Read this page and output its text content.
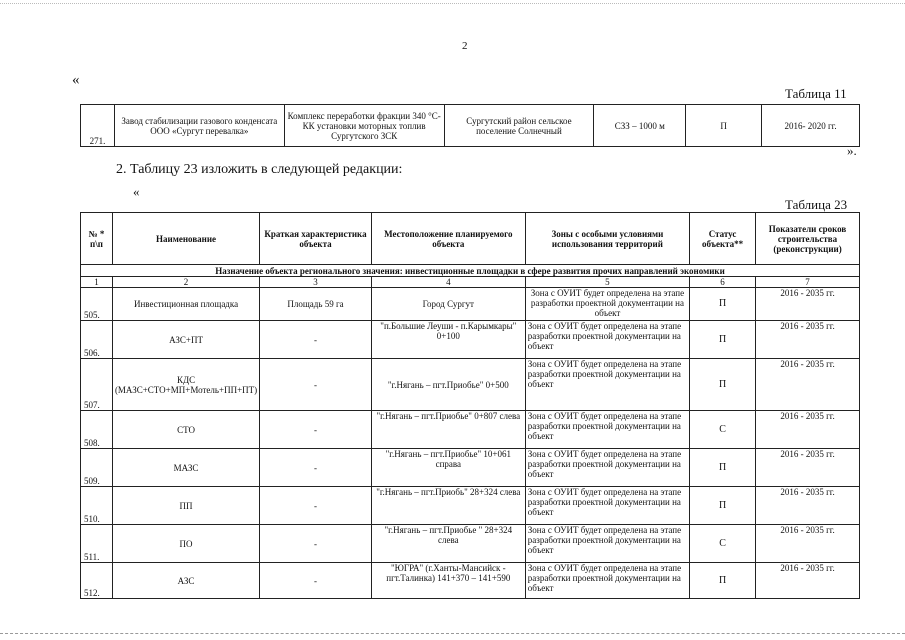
2
«
Таблица 11
271.	Завод стабилизации газового конденсата ООО «Сургут перевалка»	Комплекс переработки фракции 340 °С-КК установки моторных топлив Сургутского ЗСК	Сургутский район сельское поселение Солнечный	СЗЗ – 1000 м	П	2016- 2020 гг.
».
2. Таблицу 23 изложить в следующей редакции:
«
Таблица 23
№ * п\п	Наименование	Краткая характеристика объекта	Местоположение планируемого объекта	Зоны с особыми условиями использования территорий	Статус объекта**	Показатели сроков строительства (реконструкции)
Назначение объекта регионального значения: инвестиционные площадки в сфере развития прочих направлений экономики						
1	2	3	4	5	6	7
505.	Инвестиционная площадка	Площадь 59 га	Город Сургут	Зона с ОУИТ будет определена на этапе разработки проектной документации на объект	П	2016 - 2035 гг.
506.	АЗС+ПТ	-	"п.Большие Леуши - п.Карымкары" 0+100	Зона с ОУИТ будет определена на этапе разработки проектной документации на объект	П	2016 - 2035 гг.
507.	КДС (МАЗС+СТО+МП+Мотель+ПП+ПТ)	-	"г.Нягань – пгт.Приобье" 0+500	Зона с ОУИТ будет определена на этапе разработки проектной документации на объект	П	2016 - 2035 гг.
508.	СТО	-	"г.Нягань – пгт.Приобье" 0+807 слева	Зона с ОУИТ будет определена на этапе разработки проектной документации на объект	С	2016 - 2035 гг.
509.	МАЗС	-	"г.Нягань – пгт.Приобье" 10+061 справа	Зона с ОУИТ будет определена на этапе разработки проектной документации на объект	П	2016 - 2035 гг.
510.	ПП	-	"г.Нягань – пгт.Приобь" 28+324 слева	Зона с ОУИТ будет определена на этапе разработки проектной документации на объект	П	2016 - 2035 гг.
511.	ПО	-	"г.Нягань – пгт.Приобье " 28+324 слева	Зона с ОУИТ будет определена на этапе разработки проектной документации на объект	С	2016 - 2035 гг.
512.	АЗС	-	"ЮГРА" (г.Ханты-Мансийск - пгт.Талинка) 141+370 – 141+590	Зона с ОУИТ будет определена на этапе разработки проектной документации на объект	П	2016 - 2035 гг.
